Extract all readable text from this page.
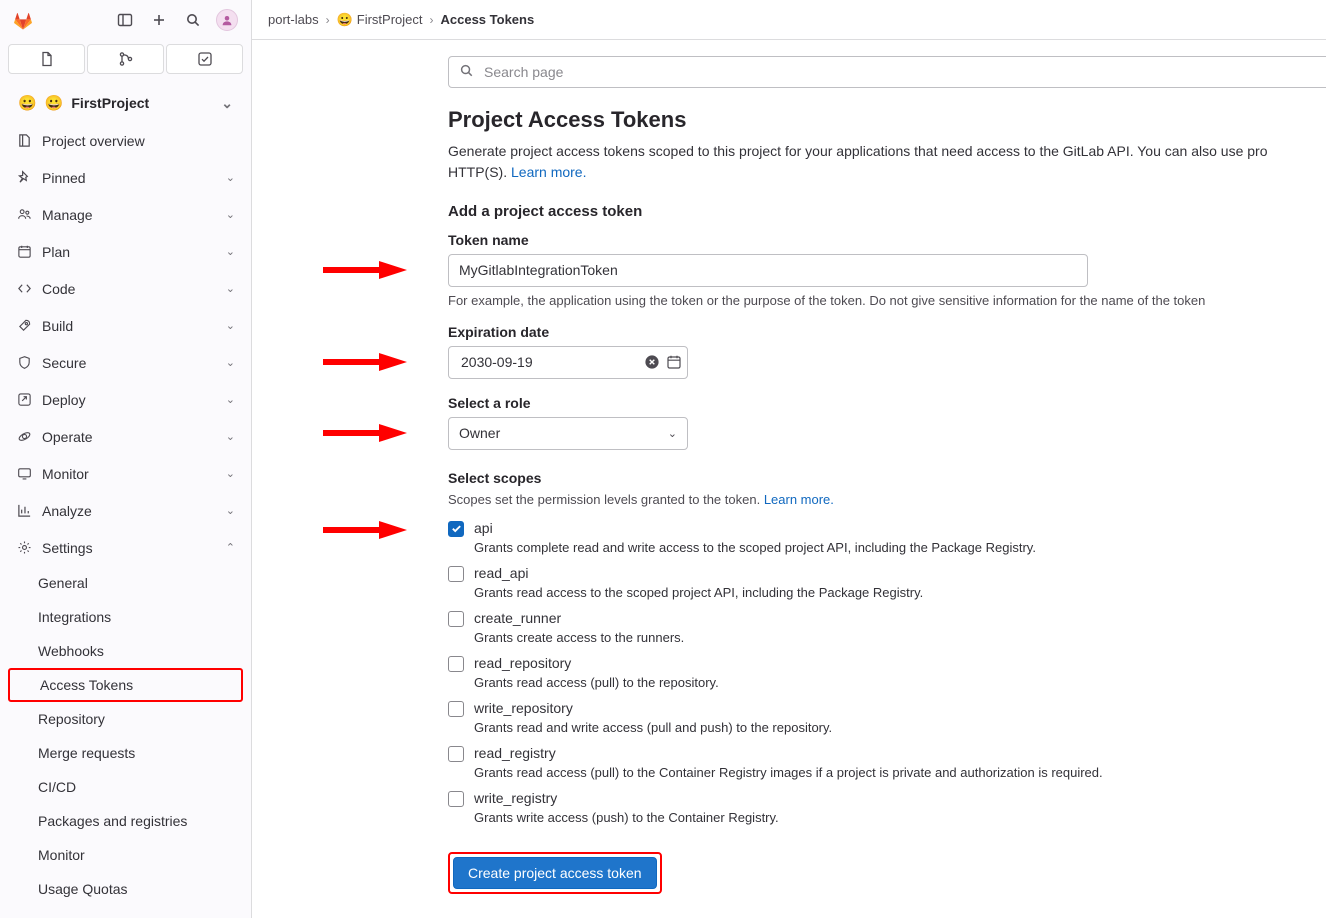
😀 😀 FirstProject	⌄
Project overview
Pinned	⌄
Manage	⌄
Plan	⌄
Code	⌄
Build	⌄
Secure	⌄
Deploy	⌄
Operate	⌄
Monitor	⌄
Analyze	⌄
Settings	⌃
General
Integrations
Webhooks
Access Tokens
Repository
Merge requests
CI/CD
Packages and registries
Monitor
Usage Quotas
port-labs › 😀 FirstProject › Access Tokens
Search page
Project Access Tokens

Generate project access tokens scoped to this project for your applications that need access to the GitLab API. You can also use pro HTTP(S). Learn more.

Add a project access token
Token name
MyGitlabIntegrationToken
For example, the application using the token or the purpose of the token. Do not give sensitive information for the name of the token
Expiration date
2030-09-19
Select a role
Owner	⌄
Select scopes
Scopes set the permission levels granted to the token. Learn more.
api
Grants complete read and write access to the scoped project API, including the Package Registry.
read_api
Grants read access to the scoped project API, including the Package Registry.
create_runner
Grants create access to the runners.
read_repository
Grants read access (pull) to the repository.
write_repository
Grants read and write access (pull and push) to the repository.
read_registry
Grants read access (pull) to the Container Registry images if a project is private and authorization is required.
write_registry
Grants write access (push) to the Container Registry.
Create project access token
